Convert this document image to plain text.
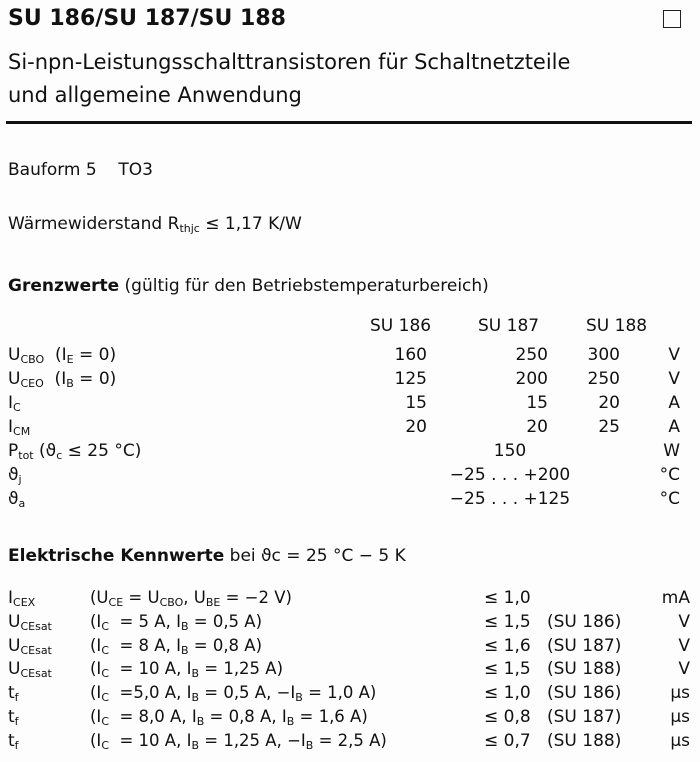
SU 186/SU 187/SU 188
Si-npn-Leistungsschalttransistoren für Schaltnetzteile
und allgemeine Anwendung
Bauform 5 TO3
Wärmewiderstand $R_{thjc} \le 1,17$ K/W
Grenzwerte (gültig für den Betriebstemperaturbereich)
SU 186	SU 187	SU 188
$U_{CBO}$  $(I_E = 0)$	160	250	300	V
$U_{CEO}$  $(I_B = 0)$	125	200	250	V
$I_C$	15	15	20	A
$I_{CM}$	20	20	25	A
$P_{tot}$ ($ϑ_c \le 25$ °C)	150	W
$ϑ_j$	−25 . . . +200	°C
$ϑ_a$	−25 . . . +125	°C
Elektrische Kennwerte bei ϑc = 25 °C − 5 K
$I_{CEX}$	($U_{CE} = U_{CBO}$, $U_{BE} = -2$ V)	≤ 1,0	mA
$U_{CEsat}$ ($I_C = 5$ A, $I_B = 0,5$ A)	≤ 1,5 (SU 186)	V
$U_{CEsat}$ ($I_C = 8$ A, $I_B = 0,8$ A)	≤ 1,6 (SU 187)	V
$U_{CEsat}$ ($I_C = 10$ A, $I_B = 1,25$ A)	≤ 1,5 (SU 188)	V
$t_f$	($I_C =5,0$ A, $I_B = 0,5$ A, $-I_B = 1,0$ A)	≤ 1,0 (SU 186)	µs
$t_f$	($I_C = 8,0$ A, $I_B = 0,8$ A, $I_B = 1,6$ A)	≤ 0,8 (SU 187)	µs
$t_f$	($I_C = 10$ A, $I_B = 1,25$ A, $-I_B = 2,5$ A)	≤ 0,7 (SU 188)	µs
